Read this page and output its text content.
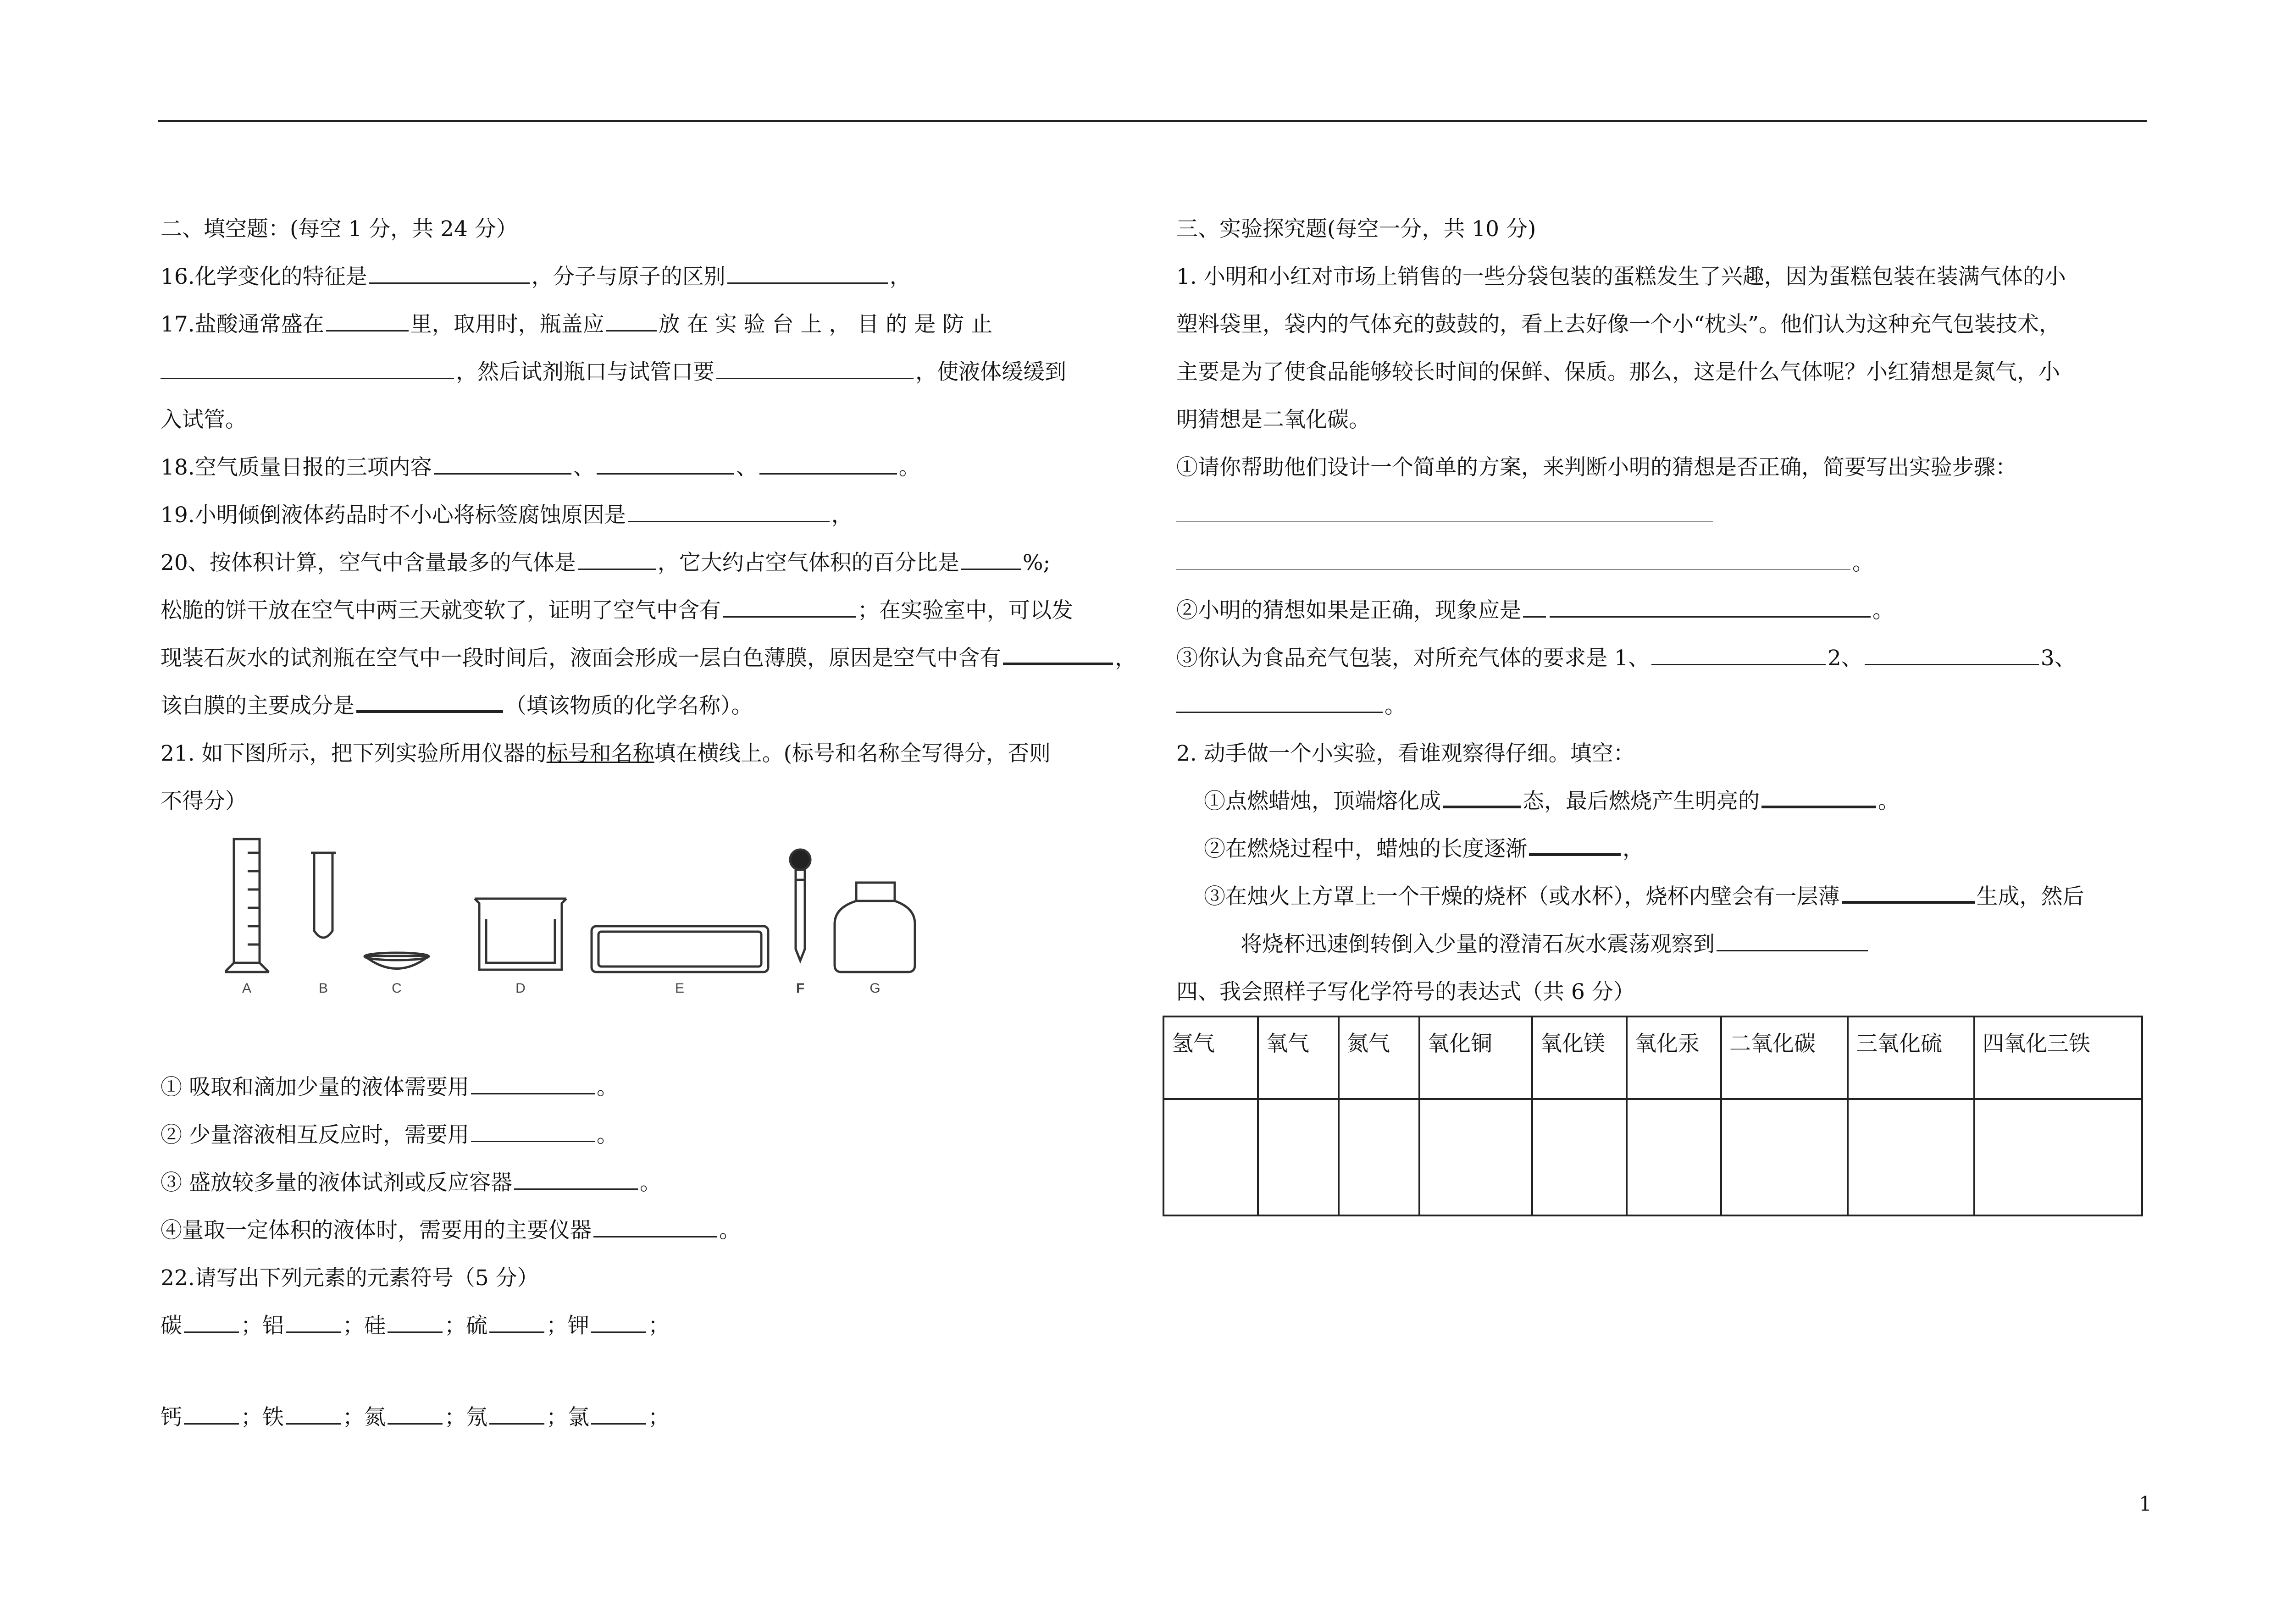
二、填空题：(每空 1 分，共 24 分）
16.化学变化的特征是	，分子与原子的区别	，
17.盐酸通常盛在	里，取用时，瓶盖应	放 在 实 验 台 上 ， 目 的 是 防 止
，然后试剂瓶口与试管口要	，使液体缓缓到
入试管。
18.空气质量日报的三项内容	、	、	。
19.小明倾倒液体药品时不小心将标签腐蚀原因是	，
20、按体积计算，空气中含量最多的气体是	，它大约占空气体积的百分比是	%;
松脆的饼干放在空气中两三天就变软了，证明了空气中含有	；在实验室中，可以发
现装石灰水的试剂瓶在空气中一段时间后，液面会形成一层白色薄膜，原因是空气中含有	，
该白膜的主要成分是	（填该物质的化学名称）。
21. 如下图所示，把下列实验所用仪器的标号和名称填在横线上。(标号和名称全写得分，否则
不得分）
① 吸取和滴加少量的液体需要用	。
② 少量溶液相互反应时，需要用	。
③ 盛放较多量的液体试剂或反应容器	。
④量取一定体积的液体时，需要用的主要仪器	。
22.请写出下列元素的元素符号（5 分）
碳	；铝	；硅	；硫	；钾	；
钙	；铁	；氮	；氖	；氯	；
A	B	C	D	E	F	G
三、实验探究题(每空一分，共 10 分)
1. 小明和小红对市场上销售的一些分袋包装的蛋糕发生了兴趣，因为蛋糕包装在装满气体的小
塑料袋里，袋内的气体充的鼓鼓的，看上去好像一个小“枕头”。他们认为这种充气包装技术，
主要是为了使食品能够较长时间的保鲜、保质。那么，这是什么气体呢？小红猜想是氮气，小
明猜想是二氧化碳。
①请你帮助他们设计一个简单的方案，来判断小明的猜想是否正确，简要写出实验步骤：
。
②小明的猜想如果是正确，现象应是	。
③你认为食品充气包装，对所充气体的要求是 1、	2、	3、
。
2. 动手做一个小实验，看谁观察得仔细。填空：
①点燃蜡烛，顶端熔化成	态，最后燃烧产生明亮的	。
②在燃烧过程中，蜡烛的长度逐渐	，
③在烛火上方罩上一个干燥的烧杯（或水杯），烧杯内壁会有一层薄	生成，然后
将烧杯迅速倒转倒入少量的澄清石灰水震荡观察到
四、我会照样子写化学符号的表达式（共 6 分）
氢气	氧气	氮气	氧化铜	氧化镁	氧化汞	二氧化碳	三氧化硫	四氧化三铁

1
